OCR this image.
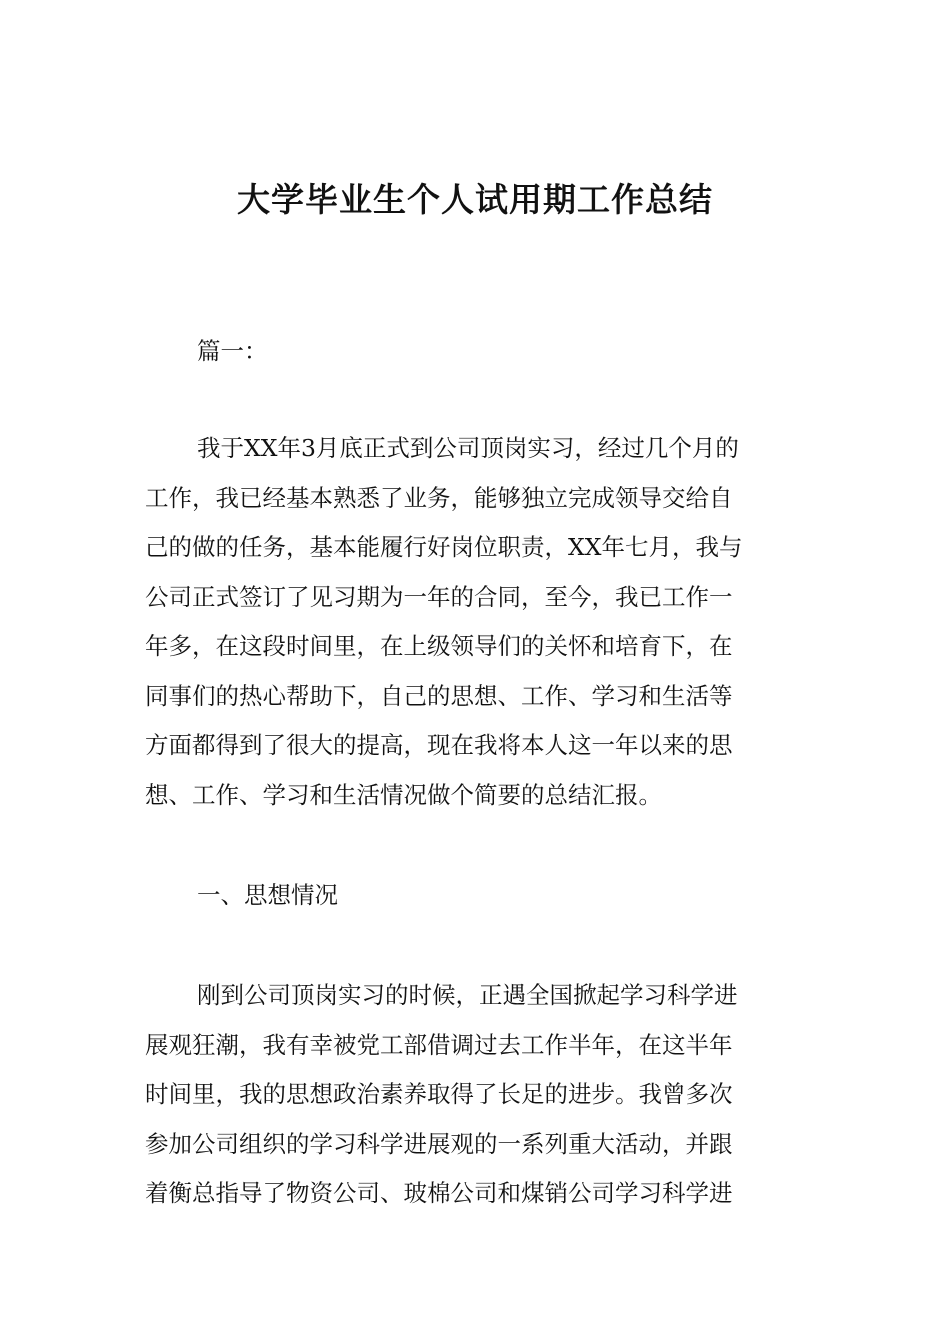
大学毕业生个人试用期工作总结

篇一：

我于XX年3月底正式到公司顶岗实习，经过几个月的
工作，我已经基本熟悉了业务，能够独立完成领导交给自
己的做的任务，基本能履行好岗位职责，XX年七月，我与
公司正式签订了见习期为一年的合同，至今，我已工作一
年多，在这段时间里，在上级领导们的关怀和培育下，在
同事们的热心帮助下，自己的思想、工作、学习和生活等
方面都得到了很大的提高，现在我将本人这一年以来的思
想、工作、学习和生活情况做个简要的总结汇报。

一、思想情况

刚到公司顶岗实习的时候，正遇全国掀起学习科学进
展观狂潮，我有幸被党工部借调过去工作半年，在这半年
时间里，我的思想政治素养取得了长足的进步。我曾多次
参加公司组织的学习科学进展观的一系列重大活动，并跟
着衡总指导了物资公司、玻棉公司和煤销公司学习科学进
